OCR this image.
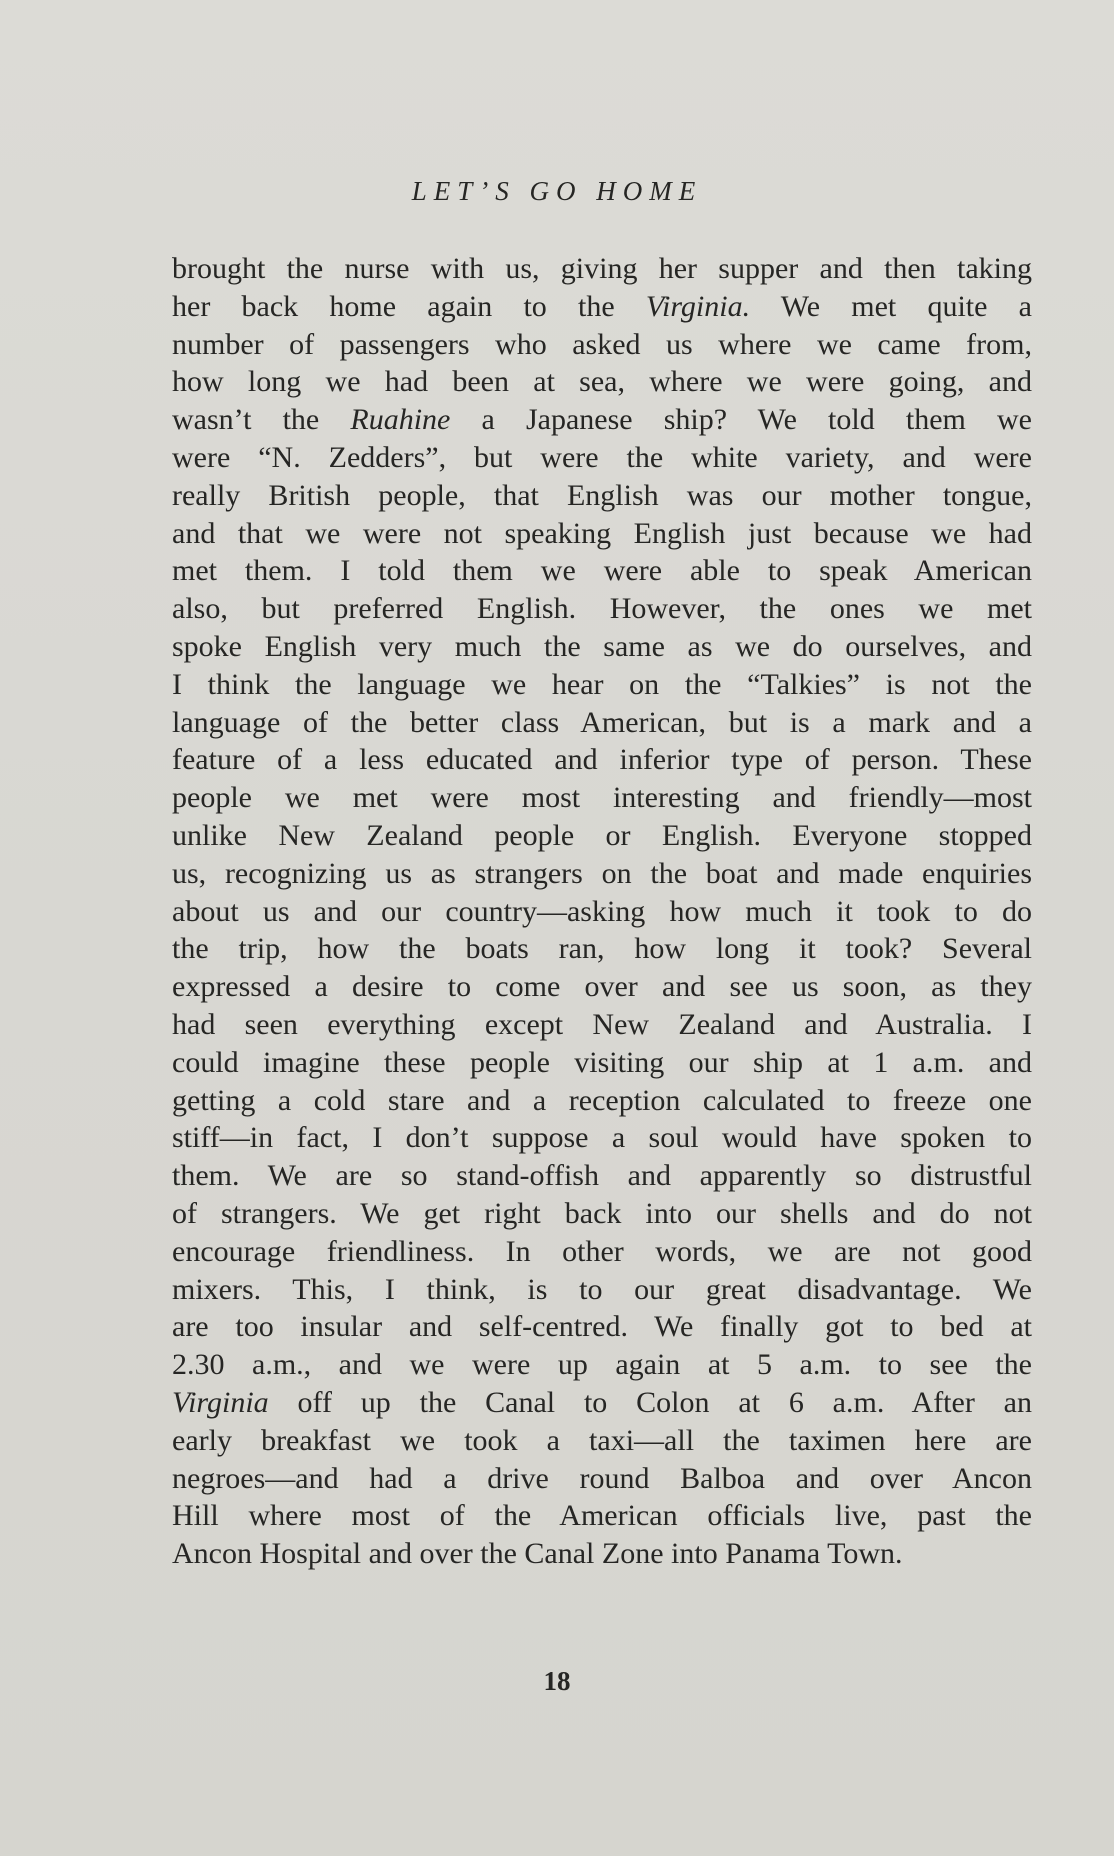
LET’S GO HOME
brought the nurse with us, giving her supper and then taking
her back home again to the Virginia. We met quite a
number of passengers who asked us where we came from,
how long we had been at sea, where we were going, and
wasn’t the Ruahine a Japanese ship? We told them we
were “N. Zedders”, but were the white variety, and were
really British people, that English was our mother tongue,
and that we were not speaking English just because we had
met them. I told them we were able to speak American
also, but preferred English. However, the ones we met
spoke English very much the same as we do ourselves, and
I think the language we hear on the “Talkies” is not the
language of the better class American, but is a mark and a
feature of a less educated and inferior type of person. These
people we met were most interesting and friendly—most
unlike New Zealand people or English. Everyone stopped
us, recognizing us as strangers on the boat and made enquiries
about us and our country—asking how much it took to do
the trip, how the boats ran, how long it took? Several
expressed a desire to come over and see us soon, as they
had seen everything except New Zealand and Australia. I
could imagine these people visiting our ship at 1 a.m. and
getting a cold stare and a reception calculated to freeze one
stiff—in fact, I don’t suppose a soul would have spoken to
them. We are so stand-offish and apparently so distrustful
of strangers. We get right back into our shells and do not
encourage friendliness. In other words, we are not good
mixers. This, I think, is to our great disadvantage. We
are too insular and self-centred. We finally got to bed at
2.30 a.m., and we were up again at 5 a.m. to see the
Virginia off up the Canal to Colon at 6 a.m. After an
early breakfast we took a taxi—all the taximen here are
negroes—and had a drive round Balboa and over Ancon
Hill where most of the American officials live, past the
Ancon Hospital and over the Canal Zone into Panama Town.
18
